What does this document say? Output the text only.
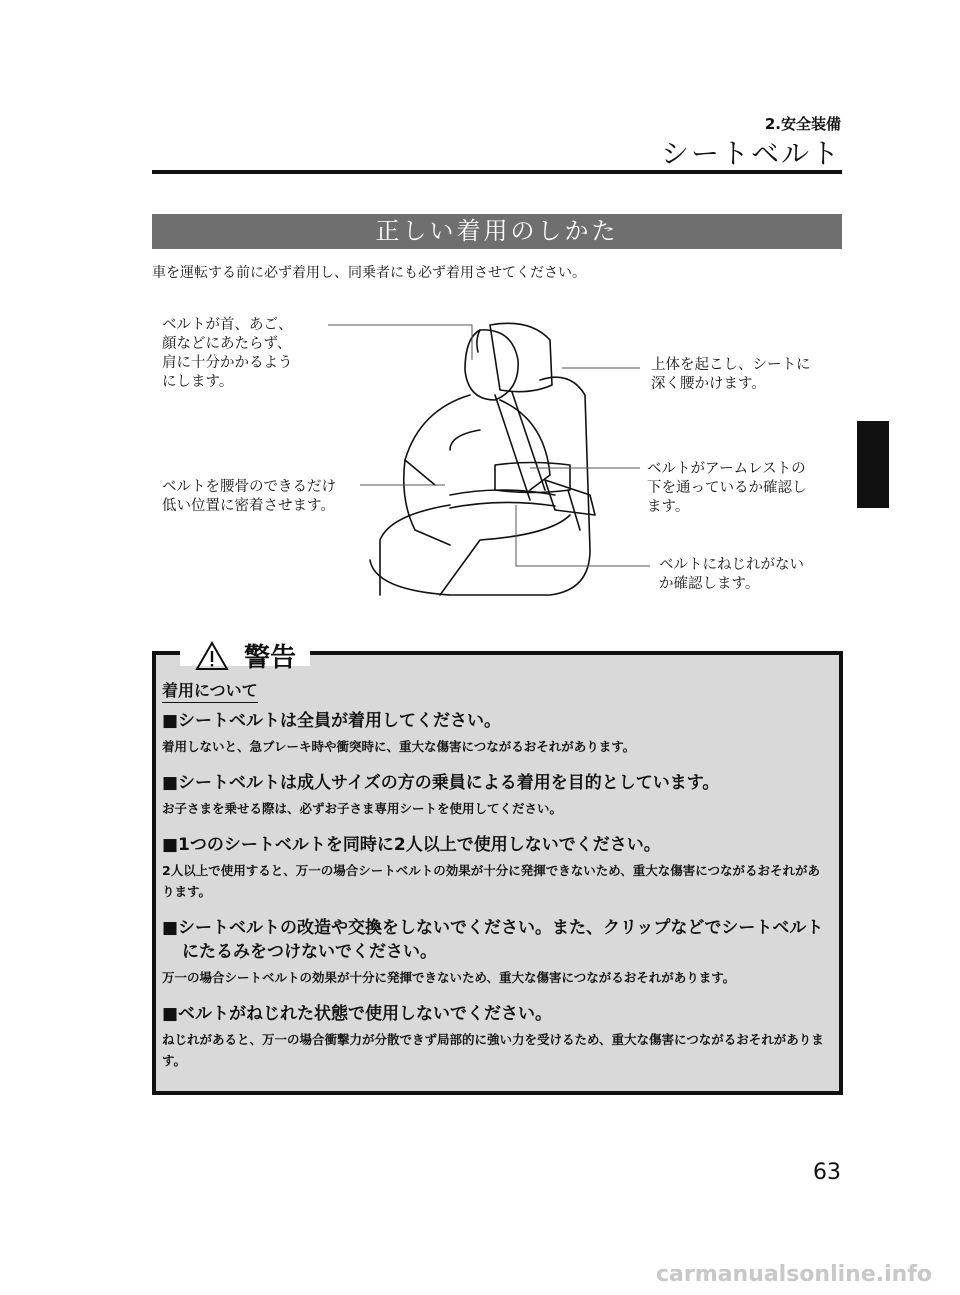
2.安全装備
シートベルト
正しい着用のしかた
車を運転する前に必ず着用し、同乗者にも必ず着用させてください。
ベルトが首、あご、
顔などにあたらず、
肩に十分かかるよう
にします。
ベルトを腰骨のできるだけ
低い位置に密着させます。
上体を起こし、シートに
深く腰かけます。
ベルトがアームレストの
下を通っているか確認し
ます。
ベルトにねじれがない
か確認します。
警告
着用について
■シートベルトは全員が着用してください。
着用しないと、急ブレーキ時や衝突時に、重大な傷害につながるおそれがあります。
■シートベルトは成人サイズの方の乗員による着用を目的としています。
お子さまを乗せる際は、必ずお子さま専用シートを使用してください。
■1つのシートベルトを同時に2人以上で使用しないでください。
2人以上で使用すると、万一の場合シートベルトの効果が十分に発揮できないため、重大な傷害につながるおそれがあります。
■シートベルトの改造や交換をしないでください。また、クリップなどでシートベルトにたるみをつけないでください。
万一の場合シートベルトの効果が十分に発揮できないため、重大な傷害につながるおそれがあります。
■ベルトがねじれた状態で使用しないでください。
ねじれがあると、万一の場合衝撃力が分散できず局部的に強い力を受けるため、重大な傷害につながるおそれがあります。
63
carmanualsonline.info
